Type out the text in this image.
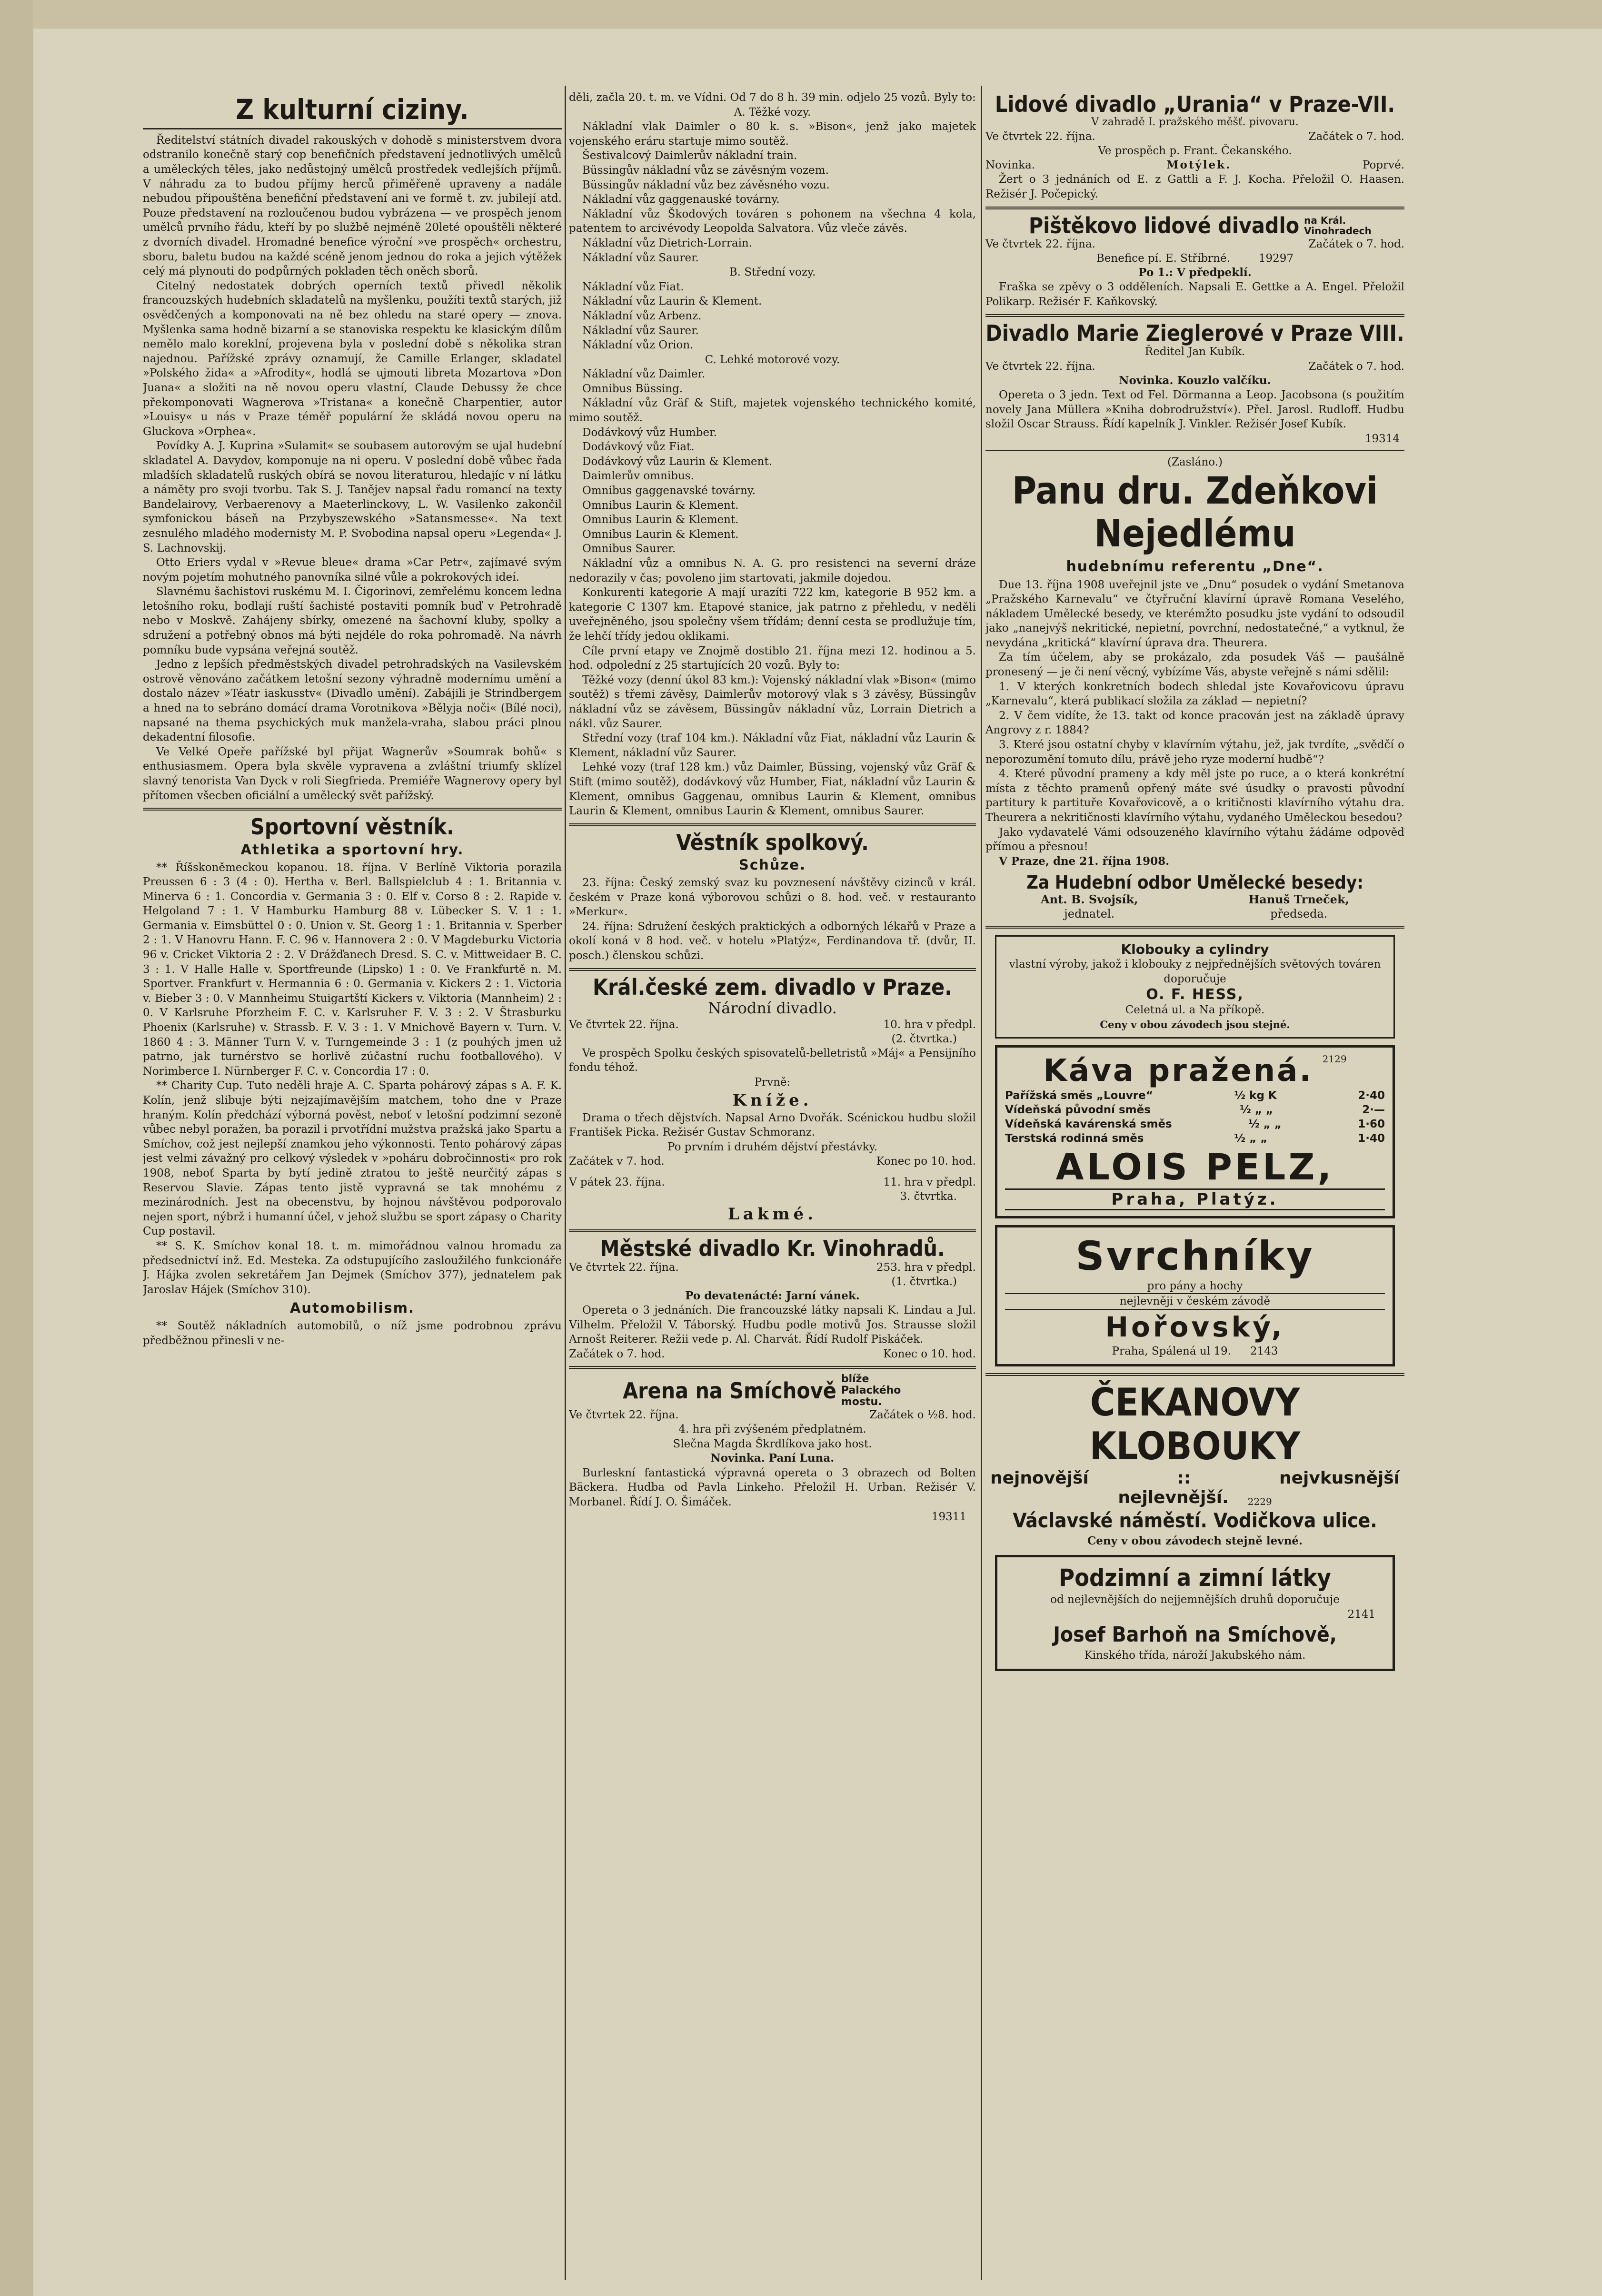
Z kulturní ciziny.

Ředitelství státních divadel rakouských v dohodě s ministerstvem dvora odstranilo konečně starý cop benefičních představení jednotlivých umělců a uměleckých těles, jako nedůstojný umělců prostředek vedlejších příjmů. V náhradu za to budou příjmy herců přiměřeně upraveny a nadále nebudou připouštěna benefiční představení ani ve formě t. zv. jubilejí atd. Pouze představení na rozloučenou budou vybrázena — ve prospěch jenom umělců prvního řádu, kteří by po službě nejméně 20leté opouštěli některé z dvorních divadel. Hromadné benefice výroční »ve prospěch« orchestru, sboru, baletu budou na každé scéně jenom jednou do roka a jejich výtěžek celý má plynouti do podpůrných pokladen těch oněch sborů.

Citelný nedostatek dobrých operních textů přivedl několik francouzských hudebních skladatelů na myšlenku, použíti textů starých, již osvědčených a komponovati na ně bez ohledu na staré opery — znova. Myšlenka sama hodně bizarní a se stanoviska respektu ke klasickým dílům nemělo malo koreklní, projevena byla v poslední době s několika stran najednou. Pařížské zprávy oznamují, že Camille Erlanger, skladatel »Polského žida« a »Afrodity«, hodlá se ujmouti libreta Mozartova »Don Juana« a složiti na ně novou operu vlastní, Claude Debussy že chce překomponovati Wagnerova »Tristana« a konečně Charpentier, autor »Louisy« u nás v Praze téměř populární že skládá novou operu na Gluckova »Orphea«.

Povídky A. J. Kuprina »Sulamit« se soubasem autorovým se ujal hudební skladatel A. Davydov, komponuje na ni operu. V poslední době vůbec řada mladších skladatelů ruských obírá se novou literaturou, hledajíc v ní látku a náměty pro svoji tvorbu. Tak S. J. Tanějev napsal řadu romancí na texty Bandelairovy, Verbaerenovy a Maeterlinckovy, L. W. Vasilenko zakončil symfonickou báseň na Przybyszewského »Satansmesse«. Na text zesnulého mladého modernisty M. P. Svobodina napsal operu »Legenda« J. S. Lachnovskij.

Otto Eriers vydal v »Revue bleue« drama »Car Petr«, zajímavé svým novým pojetím mohutného panovníka silné vůle a pokrokových ideí.

Slavnému šachistovi ruskému M. I. Čigorinovi, zemřelému koncem ledna letošního roku, bodlají ruští šachisté postaviti pomník buď v Petrohradě nebo v Moskvě. Zahájeny sbírky, omezené na šachovní kluby, spolky a sdružení a potřebný obnos má býti nejdéle do roka pohromadě. Na návrh pomníku bude vypsána veřejná soutěž.

Jedno z lepších předměstských divadel petrohradských na Vasilevském ostrově věnováno začátkem letošní sezony výhradně modernímu umění a dostalo název »Téatr iaskusstv« (Divadlo umění). Zabájili je Strindbergem a hned na to sebráno domácí drama Vorotnikova »Bělyja noči« (Bílé noci), napsané na thema psychických muk manžela-vraha, slabou práci plnou dekadentní filosofie.

Ve Velké Opeře pařížské byl přijat Wagnerův »Soumrak bohů« s enthusiasmem. Opera byla skvěle vypravena a zvláštní triumfy sklízel slavný tenorista Van Dyck v roli Siegfrieda. Premiéře Wagnerovy opery byl přítomen všecben oficiální a umělecký svět pařížský.

Sportovní věstník.
Athletika a sportovní hry.

** Říšskoněmeckou kopanou. 18. října. V Berlíně Viktoria porazila Preussen 6 : 3 (4 : 0). Hertha v. Berl. Ballspielclub 4 : 1. Britannia v. Minerva 6 : 1. Concordia v. Germania 3 : 0. Elf v. Corso 8 : 2. Rapide v. Helgoland 7 : 1. V Hamburku Hamburg 88 v. Lübecker S. V. 1 : 1. Germania v. Eimsbüttel 0 : 0. Union v. St. Georg 1 : 1. Britannia v. Sperber 2 : 1. V Hanovru Hann. F. C. 96 v. Hannovera 2 : 0. V Magdeburku Victoria 96 v. Cricket Viktoria 2 : 2. V Drážďanech Dresd. S. C. v. Mittweidaer B. C. 3 : 1. V Halle Halle v. Sportfreunde (Lipsko) 1 : 0. Ve Frankfurtě n. M. Sportver. Frankfurt v. Hermannia 6 : 0. Germania v. Kickers 2 : 1. Victoria v. Bieber 3 : 0. V Mannheimu Stuigartští Kickers v. Viktoria (Mannheim) 2 : 0. V Karlsruhe Pforzheim F. C. v. Karlsruher F. V. 3 : 2. V Štrasburku Phoenix (Karlsruhe) v. Strassb. F. V. 3 : 1. V Mnichově Bayern v. Turn. V. 1860 4 : 3. Männer Turn V. v. Turngemeinde 3 : 1 (z pouhých jmen už patrno, jak turnérstvo se horlivě zúčastní ruchu footballového). V Norimberce I. Nürnberger F. C. v. Concordia 17 : 0.

** Charity Cup. Tuto neděli hraje A. C. Sparta pohárový zápas s A. F. K. Kolín, jenž slibuje býti nejzajímavějším matchem, toho dne v Praze hraným. Kolín předchází výborná pověst, neboť v letošní podzimní sezoně vůbec nebyl poražen, ba porazil i prvotřídní mužstva pražská jako Spartu a Smíchov, což jest nejlepší znamkou jeho výkonnosti. Tento pohárový zápas jest velmi závažný pro celkový výsledek v »poháru dobročinnosti« pro rok 1908, neboť Sparta by bytí jedině ztratou to ještě neurčitý zápas s Reservou Slavie. Zápas tento jistě vypravná se tak mnohému z mezinárodních. Jest na obecenstvu, by hojnou návštěvou podporovalo nejen sport, nýbrž i humanní účel, v jehož službu se sport zápasy o Charity Cup postavil.

** S. K. Smíchov konal 18. t. m. mimořádnou valnou hromadu za předsednictví inž. Ed. Mesteka. Za odstupujícího zasloužilého funkcionáře J. Hájka zvolen sekretářem Jan Dejmek (Smíchov 377), jednatelem pak Jaroslav Hájek (Smíchov 310).

Automobilism.

** Soutěž nákladních automobilů, o níž jsme podrobnou zprávu předběžnou přinesli v ne-

děli, začla 20. t. m. ve Vídni. Od 7 do 8 h. 39 min. odjelo 25 vozů. Byly to:

A. Těžké vozy.

Nákladní vlak Daimler o 80 k. s. »Bison«, jenž jako majetek vojenského eráru startuje mimo soutěž.

Šestivalcový Daimlerův nákladní train.

Büssingův nákladní vůz se závěsným vozem.

Büssingův nákladní vůz bez závěsného vozu.

Nákladní vůz gaggenauské továrny.

Nákladní vůz Škodových továren s pohonem na všechna 4 kola, patentem to arcivévody Leopolda Salvatora. Vůz vleče závěs.

Nákladní vůz Dietrich-Lorrain.

Nákladní vůz Saurer.

B. Střední vozy.

Nákladní vůz Fiat.

Nákladní vůz Laurin & Klement.

Nákladní vůz Arbenz.

Nákladní vůz Saurer.

Nákladní vůz Orion.

C. Lehké motorové vozy.

Nákladní vůz Daimler.

Omnibus Büssing.

Nákladní vůz Gräf & Stift, majetek vojenského technického komité, mimo soutěž.

Dodávkový vůz Humber.

Dodávkový vůz Fiat.

Dodávkový vůz Laurin & Klement.

Daimlerův omnibus.

Omnibus gaggenavské továrny.

Omnibus Laurin & Klement.

Omnibus Laurin & Klement.

Omnibus Laurin & Klement.

Omnibus Saurer.

Nákladní vůz a omnibus N. A. G. pro resistenci na severní dráze nedorazily v čas; povoleno jim startovati, jakmile dojedou.

Konkurenti kategorie A mají urazíti 722 km, kategorie B 952 km. a kategorie C 1307 km. Etapové stanice, jak patrno z přehledu, v neděli uveřejněného, jsou společny všem třídám; denní cesta se prodlužuje tím, že lehčí třídy jedou oklikami.

Cíle první etapy ve Znojmě dostiblo 21. října mezi 12. hodinou a 5. hod. odpolední z 25 startujících 20 vozů. Byly to:

Těžké vozy (denní úkol 83 km.): Vojenský nákladní vlak »Bison« (mimo soutěž) s třemi závěsy, Daimlerův motorový vlak s 3 závěsy, Büssingův nákladní vůz se závěsem, Büssingův nákladní vůz, Lorrain Dietrich a nákl. vůz Saurer.

Střední vozy (traf 104 km.). Nákladní vůz Fiat, nákladní vůz Laurin & Klement, nákladní vůz Saurer.

Lehké vozy (traf 128 km.) vůz Daimler, Büssing, vojenský vůz Gräf & Stift (mimo soutěž), dodávkový vůz Humber, Fiat, nákladní vůz Laurin & Klement, omnibus Gaggenau, omnibus Laurin & Klement, omnibus Laurin & Klement, omnibus Laurin & Klement, omnibus Saurer.

Věstník spolkový.
Schůze.

23. října: Český zemský svaz ku povznesení návštěvy cizinců v král. českém v Praze koná výborovou schůzi o 8. hod. več. v restauranto »Merkur«.

24. října: Sdružení českých praktických a odborných lékařů v Praze a okolí koná v 8 hod. več. v hotelu »Platýz«, Ferdinandova tř. (dvůr, II. posch.) členskou schůzi.

Král.české zem. divadlo v Praze.

Národní divadlo.

Ve čtvrtek 22. října.	10. hra v předpl.
(2. čtvrtka.)

Ve prospěch Spolku českých spisovatelů-belletristů »Máj« a Pensijního fondu téhož.

Prvně:

Kníže.

Drama o třech dějstvích. Napsal Arno Dvořák. Scénickou hudbu složil František Picka. Režisér Gustav Schmoranz.

Po prvním i druhém dějství přestávky.

Začátek v 7. hod.	Konec po 10. hod.
V pátek 23. října.	11. hra v předpl.
3. čtvrtka.

Lakmé.

Městské divadlo Kr. Vinohradů.
Ve čtvrtek 22. října.	253. hra v předpl.
(1. čtvrtka.)

Po devatenácté: Jarní vánek.

Opereta o 3 jednáních. Die francouzské látky napsali K. Lindau a Jul. Vilhelm. Přeložil V. Táborský. Hudbu podle motivů Jos. Strausse složil Arnošt Reiterer. Režii vede p. Al. Charvát. Řídí Rudolf Piskáček.

Začátek o 7. hod.	Konec o 10. hod.
Arena na Smíchově blíže Palackého mostu.
Ve čtvrtek 22. října.	Začátek o ½8. hod.

4. hra při zvýšeném předplatném.

Slečna Magda Škrdlíkova jako host.

Novinka. Paní Luna.

Burleskní fantastická výpravná opereta o 3 obrazech od Bolten Bäckera. Hudba od Pavla Linkeho. Přeložil H. Urban. Režisér V. Morbanel. Řídí J. O. Šimáček.

19311
Lidové divadlo „Urania“ v Praze-VII.

V zahradě I. pražského měšť. pivovaru.

Ve čtvrtek 22. října.	Začátek o 7. hod.

Ve prospěch p. Frant. Čekanského.

Novinka.	Motýlek.	Poprvé.

Žert o 3 jednáních od E. z Gattli a F. J. Kocha. Přeložil O. Haasen. Režisér J. Počepický.

Pištěkovo lidové divadlo na Král. Vinohradech
Ve čtvrtek 22. října.	Začátek o 7. hod.
Benefice pí. E. Stříbrné.	19297

Po 1.: V předpeklí.

Fraška se zpěvy o 3 odděleních. Napsali E. Gettke a A. Engel. Přeložil Polikarp. Režisér F. Kaňkovský.

Divadlo Marie Zieglerové v Praze VIII.

Ředitel Jan Kubík.

Ve čtvrtek 22. října.	Začátek o 7. hod.

Novinka. Kouzlo valčíku.

Opereta o 3 jedn. Text od Fel. Dörmanna a Leop. Jacobsona (s použitím novely Jana Müllera »Kniha dobrodružství«). Přel. Jarosl. Rudloff. Hudbu složil Oscar Strauss. Řídí kapelník J. Vinkler. Režisér Josef Kubík.

19314

(Zasláno.)

Panu dru. Zdeňkovi Nejedlému
hudebnímu referentu „Dne“.

Due 13. října 1908 uveřejnil jste ve „Dnu“ posudek o vydání Smetanova „Pražského Karnevalu“ ve čtyřruční klavírní úpravě Romana Veselého, nákladem Umělecké besedy, ve kterémžto posudku jste vydání to odsoudil jako „nanejvýš nekritické, nepietní, povrchní, nedostatečné,“ a vytknul, že nevydána „kritická“ klavírní úprava dra. Theurera.

Za tím účelem, aby se prokázalo, zda posudek Váš — paušálně pronesený — je či není věcný, vybízíme Vás, abyste veřejně s námi sdělil:

1. V kterých konkretních bodech shledal jste Kovařovicovu úpravu „Karnevalu“, která publikací složila za základ — nepietní?

2. V čem vidíte, že 13. takt od konce pracován jest na základě úpravy Angrovy z r. 1884?

3. Které jsou ostatní chyby v klavírním výtahu, jež, jak tvrdíte, „svědčí o neporozumění tomuto dílu, právě jeho ryze moderní hudbě“?

4. Které původní prameny a kdy měl jste po ruce, a o která konkrétní místa z těchto pramenů opřený máte své úsudky o pravosti původní partitury k partituře Kovařovicově, a o kritičnosti klavírního výtahu dra. Theurera a nekritičnosti klavírního výtahu, vydaného Uměleckou besedou?

Jako vydavatelé Vámi odsouzeného klavírního výtahu žádáme odpověď přímou a přesnou!

V Praze, dne 21. října 1908.

Za Hudební odbor Umělecké besedy:
Ant. B. Svojsík,
jednatel.
Hanuš Trneček,
předseda.
Klobouky a cylindry

vlastní výroby, jakož i klobouky z nejpřednějších světových továren doporučuje

O. F. HESS,

Celetná ul. a Na příkopě.

Ceny v obou závodech jsou stejné.

Káva pražená. 2129
Pařížská směs „Louvre“	½ kg K	2·40
Vídeňská původní směs	½ „ „	2·—
Vídeňská kavárenská směs	½ „ „	1·60
Terstská rodinná směs	½ „ „	1·40
ALOIS PELZ,
Praha, Platýz.
Svrchníky

pro pány a hochy

nejlevněji v českém závodě

Hořovský,
Praha, Spálená ul 19. 2143
ČEKANOVY KLOBOUKY
nejnovější	::	nejvkusnější
nejlevnější. 2229
Václavské náměstí. Vodičkova ulice.

Ceny v obou závodech stejně levné.

Podzimní a zimní látky

od nejlevnějších do nejjemnějších druhů doporučuje

2141
Josef Barhoň na Smíchově,

Kinského třída, nároží Jakubského nám.
